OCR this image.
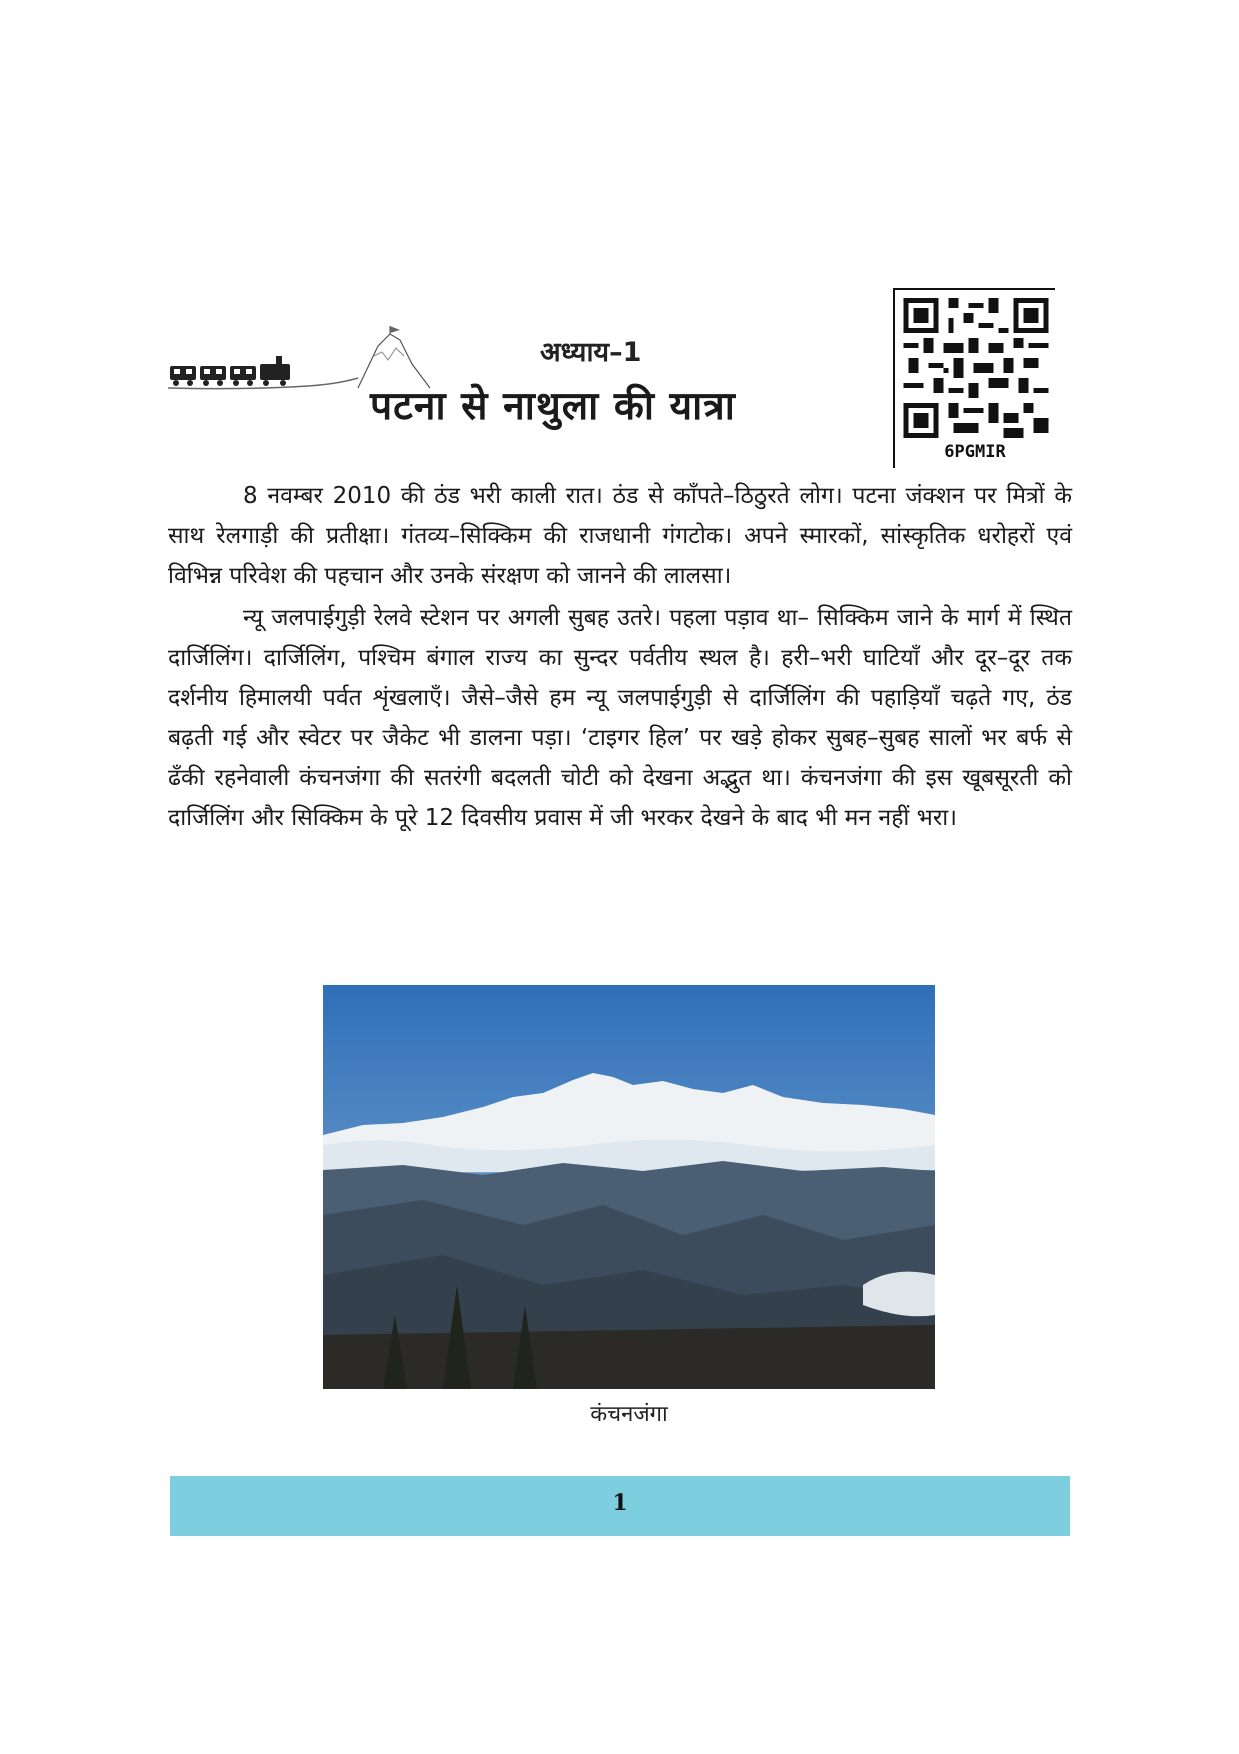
अध्याय–1
पटना से नाथुला की यात्रा
6PGMIR

8 नवम्बर 2010 की ठंड भरी काली रात। ठंड से काँपते–ठिठुरते लोग। पटना जंक्शन पर मित्रों के साथ रेलगाड़ी की प्रतीक्षा। गंतव्य–सिक्किम की राजधानी गंगटोक। अपने स्मारकों, सांस्कृतिक धरोहरों एवं विभिन्न परिवेश की पहचान और उनके संरक्षण को जानने की लालसा।

न्यू जलपाईगुड़ी रेलवे स्टेशन पर अगली सुबह उतरे। पहला पड़ाव था– सिक्किम जाने के मार्ग में स्थित दार्जिलिंग। दार्जिलिंग, पश्चिम बंगाल राज्य का सुन्दर पर्वतीय स्थल है। हरी–भरी घाटियाँ और दूर–दूर तक दर्शनीय हिमालयी पर्वत शृंखलाएँ। जैसे–जैसे हम न्यू जलपाईगुड़ी से दार्जिलिंग की पहाड़ियाँ चढ़ते गए, ठंड बढ़ती गई और स्वेटर पर जैकेट भी डालना पड़ा। ‘टाइगर हिल’ पर खड़े होकर सुबह–सुबह सालों भर बर्फ से ढँकी रहनेवाली कंचनजंगा की सतरंगी बदलती चोटी को देखना अद्भुत था। कंचनजंगा की इस खूबसूरती को दार्जिलिंग और सिक्किम के पूरे 12 दिवसीय प्रवास में जी भरकर देखने के बाद भी मन नहीं भरा।

कंचनजंगा
1
